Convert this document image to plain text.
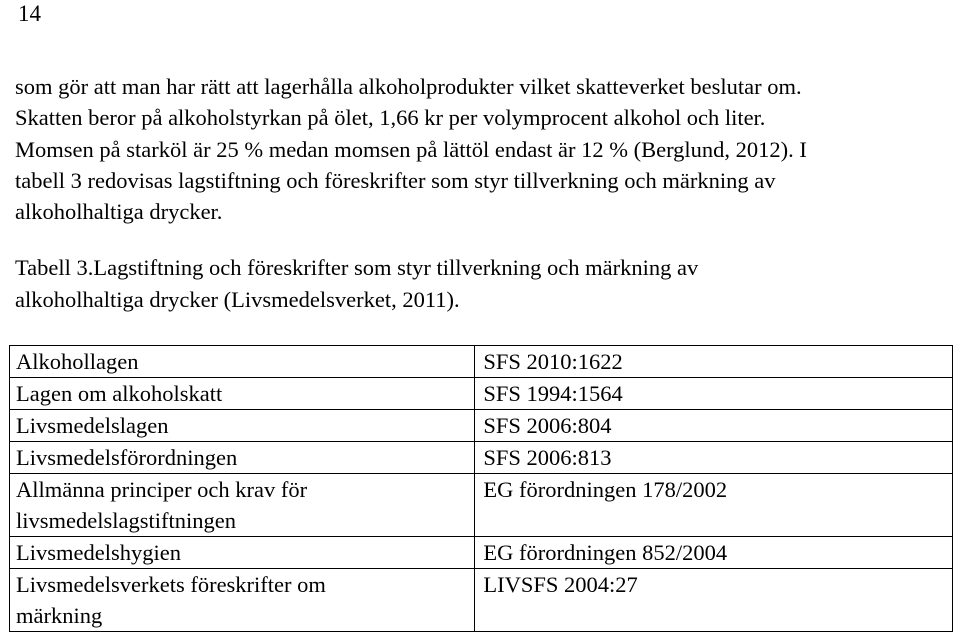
14

som gör att man har rätt att lagerhålla alkoholprodukter vilket skatteverket beslutar om.

Skatten beror på alkoholstyrkan på ölet, 1,66 kr per volymprocent alkohol och liter.

Momsen på starköl är 25 % medan momsen på lättöl endast är 12 % (Berglund, 2012). I

tabell 3 redovisas lagstiftning och föreskrifter som styr tillverkning och märkning av

alkoholhaltiga drycker.

Tabell 3.Lagstiftning och föreskrifter som styr tillverkning och märkning av

alkoholhaltiga drycker (Livsmedelsverket, 2011).

Alkohollagen	SFS 2010:1622
Lagen om alkoholskatt	SFS 1994:1564
Livsmedelslagen	SFS 2006:804
Livsmedelsförordningen	SFS 2006:813
Allmänna principer och krav för
livsmedelslagstiftningen	EG förordningen 178/2002
Livsmedelshygien	EG förordningen 852/2004
Livsmedelsverkets föreskrifter om
märkning	LIVSFS 2004:27
